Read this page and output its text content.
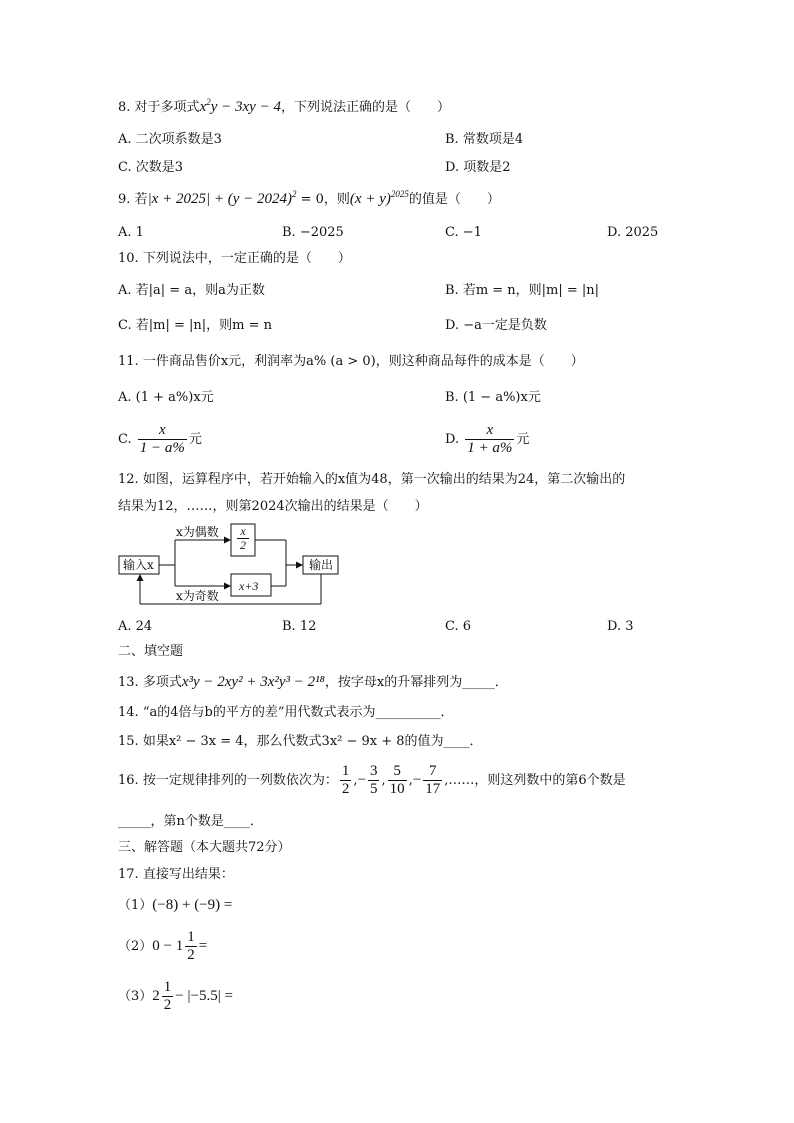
8. 对于多项式$x^2y - 3xy - 4$，下列说法正确的是（　　）
A. 二次项系数是3	B. 常数项是4
C. 次数是3	D. 项数是2
9. 若$|x + 2025| + (y - 2024)^2 = 0$，则$(x + y)^{2025}$的值是（　　）
A. 1	B. −2025	C. −1	D. 2025
10. 下列说法中，一定正确的是（　　）
A. 若|a| = a，则a为正数	B. 若m = n，则|m| = |n|
C. 若|m| = |n|，则m = n	D. −a一定是负数
11. 一件商品售价x元，利润率为a% (a > 0)，则这种商品每件的成本是（　　）
A. (1 + a%)x元	B. (1 − a%)x元
C. $\frac{x}{1 - a\%}$ 元	D. $\frac{x}{1 + a\%}$ 元
12. 如图，运算程序中，若开始输入的x值为48，第一次输出的结果为24，第二次输出的
结果为12，……，则第2024次输出的结果是（　　）
输入x
x为偶数
x为奇数
x
2
x+3
输出
A. 24	B. 12	C. 6	D. 3
二、填空题
13. 多项式x³y − 2xy² + 3x²y³ − 2¹⁸，按字母x的升幂排列为_____．
14. “a的4倍与b的平方的差”用代数式表示为__________．
15. 如果x² − 3x = 4，那么代数式3x² − 9x + 8的值为____．
16. 按一定规律排列的一列数依次为： $\frac{1}{2}$ ,− $\frac{3}{5}$ , $\frac{5}{10}$ ,− $\frac{7}{17}$ ,……，则这列数中的第6个数是
_____，第n个数是____．
三、解答题（本大题共72分）
17. 直接写出结果：
（1）(−8) + (−9) =
$(2)0 - 1 \frac{1}{2}$ =
$(3)2 \frac{1}{2} - |-5.5|$ =
